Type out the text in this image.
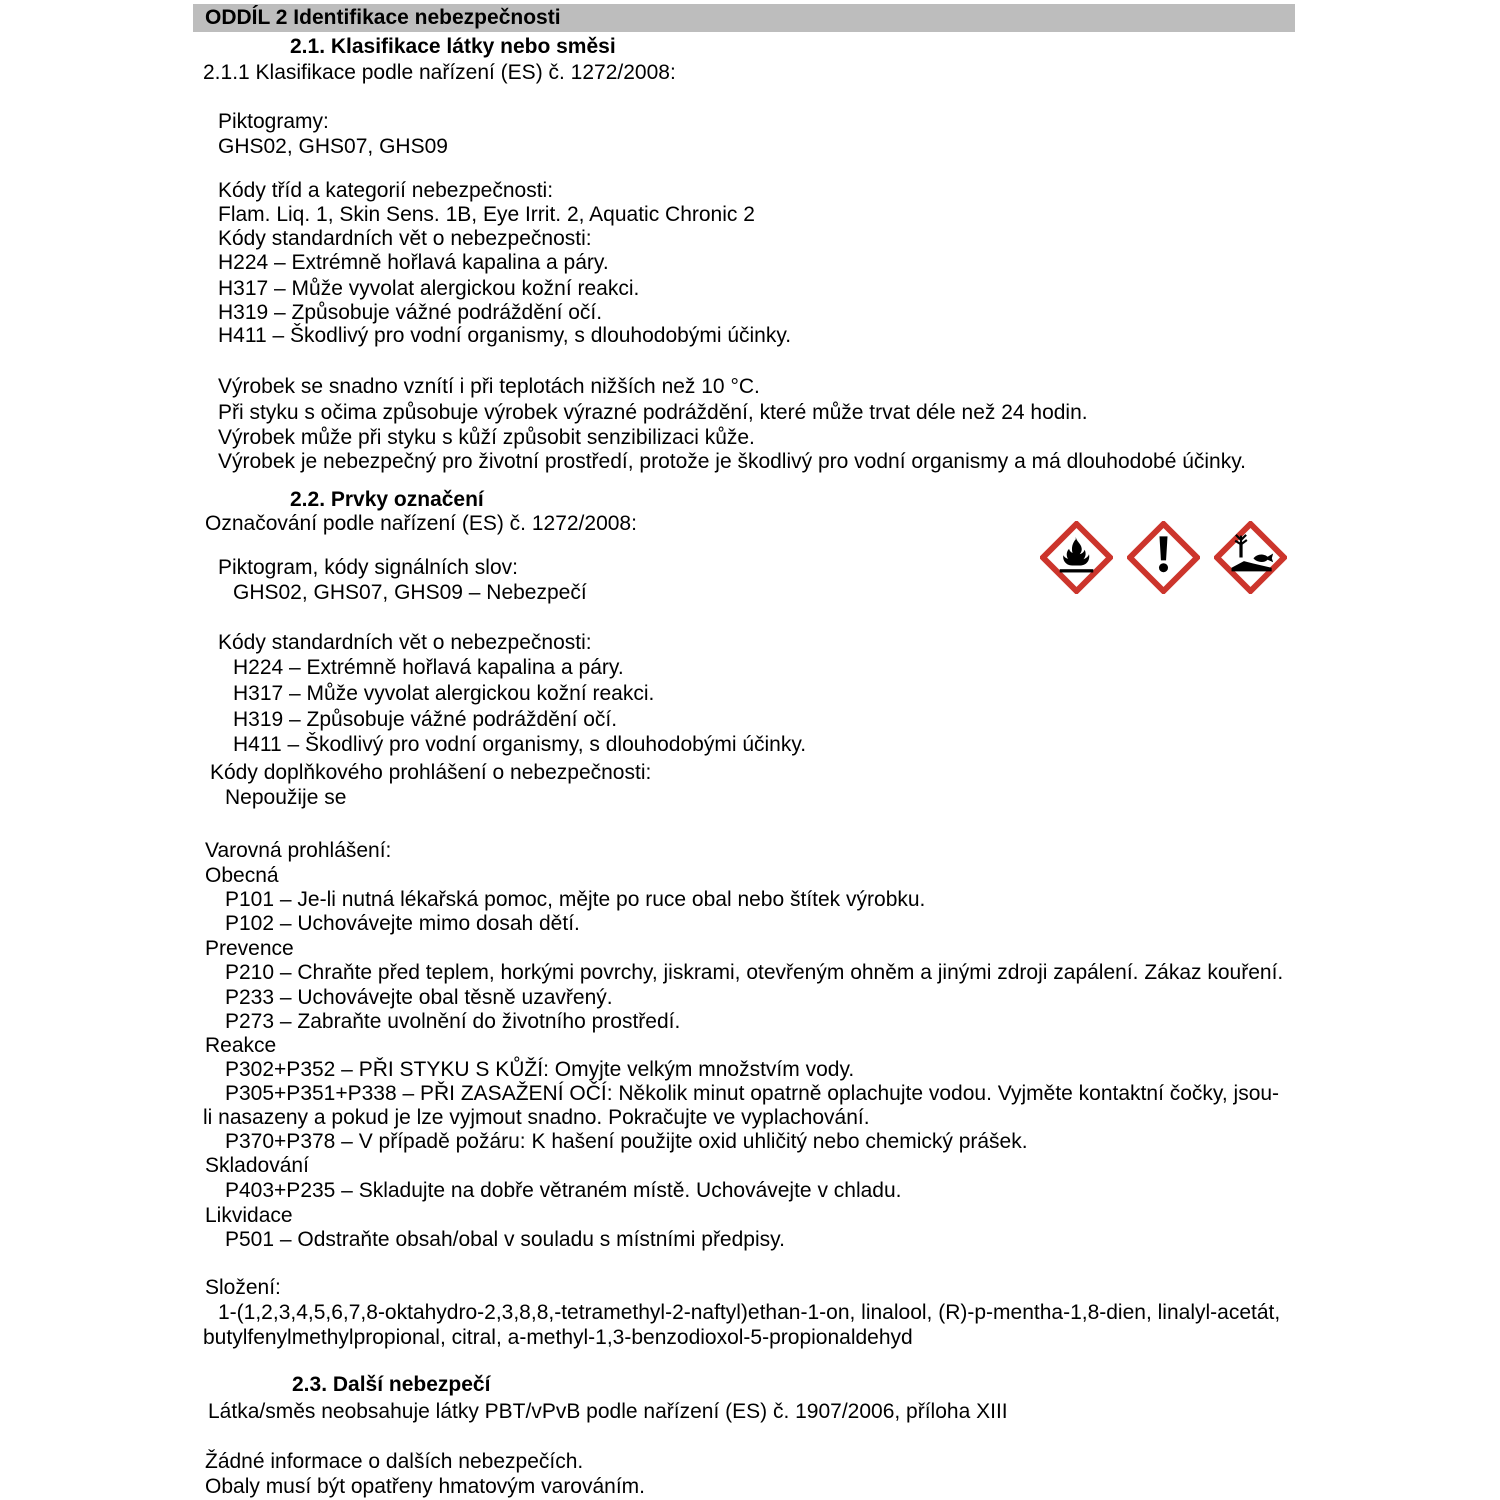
ODDÍL 2 Identifikace nebezpečnosti
2.1. Klasifikace látky nebo směsi
2.1.1 Klasifikace podle nařízení (ES) č. 1272/2008:
Piktogramy:
GHS02, GHS07, GHS09
Kódy tříd a kategorií nebezpečnosti:
Flam. Liq. 1, Skin Sens. 1B, Eye Irrit. 2, Aquatic Chronic 2
Kódy standardních vět o nebezpečnosti:
H224 – Extrémně hořlavá kapalina a páry.
H317 – Může vyvolat alergickou kožní reakci.
H319 – Způsobuje vážné podráždění očí.
H411 – Škodlivý pro vodní organismy, s dlouhodobými účinky.
Výrobek se snadno vznítí i při teplotách nižších než 10 °C.
Při styku s očima způsobuje výrobek výrazné podráždění, které může trvat déle než 24 hodin.
Výrobek může při styku s kůží způsobit senzibilizaci kůže.
Výrobek je nebezpečný pro životní prostředí, protože je škodlivý pro vodní organismy a má dlouhodobé účinky.
2.2. Prvky označení
Označování podle nařízení (ES) č. 1272/2008:
Piktogram, kódy signálních slov:
GHS02, GHS07, GHS09 – Nebezpečí
Kódy standardních vět o nebezpečnosti:
H224 – Extrémně hořlavá kapalina a páry.
H317 – Může vyvolat alergickou kožní reakci.
H319 – Způsobuje vážné podráždění očí.
H411 – Škodlivý pro vodní organismy, s dlouhodobými účinky.
Kódy doplňkového prohlášení o nebezpečnosti:
Nepoužije se
Varovná prohlášení:
Obecná
P101 – Je-li nutná lékařská pomoc, mějte po ruce obal nebo štítek výrobku.
P102 – Uchovávejte mimo dosah dětí.
Prevence
P210 – Chraňte před teplem, horkými povrchy, jiskrami, otevřeným ohněm a jinými zdroji zapálení. Zákaz kouření.
P233 – Uchovávejte obal těsně uzavřený.
P273 – Zabraňte uvolnění do životního prostředí.
Reakce
P302+P352 – PŘI STYKU S KŮŽÍ: Omyjte velkým množstvím vody.
P305+P351+P338 – PŘI ZASAŽENÍ OČÍ: Několik minut opatrně oplachujte vodou. Vyjměte kontaktní čočky, jsou-
li nasazeny a pokud je lze vyjmout snadno. Pokračujte ve vyplachování.
P370+P378 – V případě požáru: K hašení použijte oxid uhličitý nebo chemický prášek.
Skladování
P403+P235 – Skladujte na dobře větraném místě. Uchovávejte v chladu.
Likvidace
P501 – Odstraňte obsah/obal v souladu s místními předpisy.
Složení:
1-(1,2,3,4,5,6,7,8-oktahydro-2,3,8,8,-tetramethyl-2-naftyl)ethan-1-on, linalool, (R)-p-mentha-1,8-dien, linalyl-acetát,
butylfenylmethylpropional, citral, a-methyl-1,3-benzodioxol-5-propionaldehyd
2.3. Další nebezpečí
Látka/směs neobsahuje látky PBT/vPvB podle nařízení (ES) č. 1907/2006, příloha XIII
Žádné informace o dalších nebezpečích.
Obaly musí být opatřeny hmatovým varováním.
